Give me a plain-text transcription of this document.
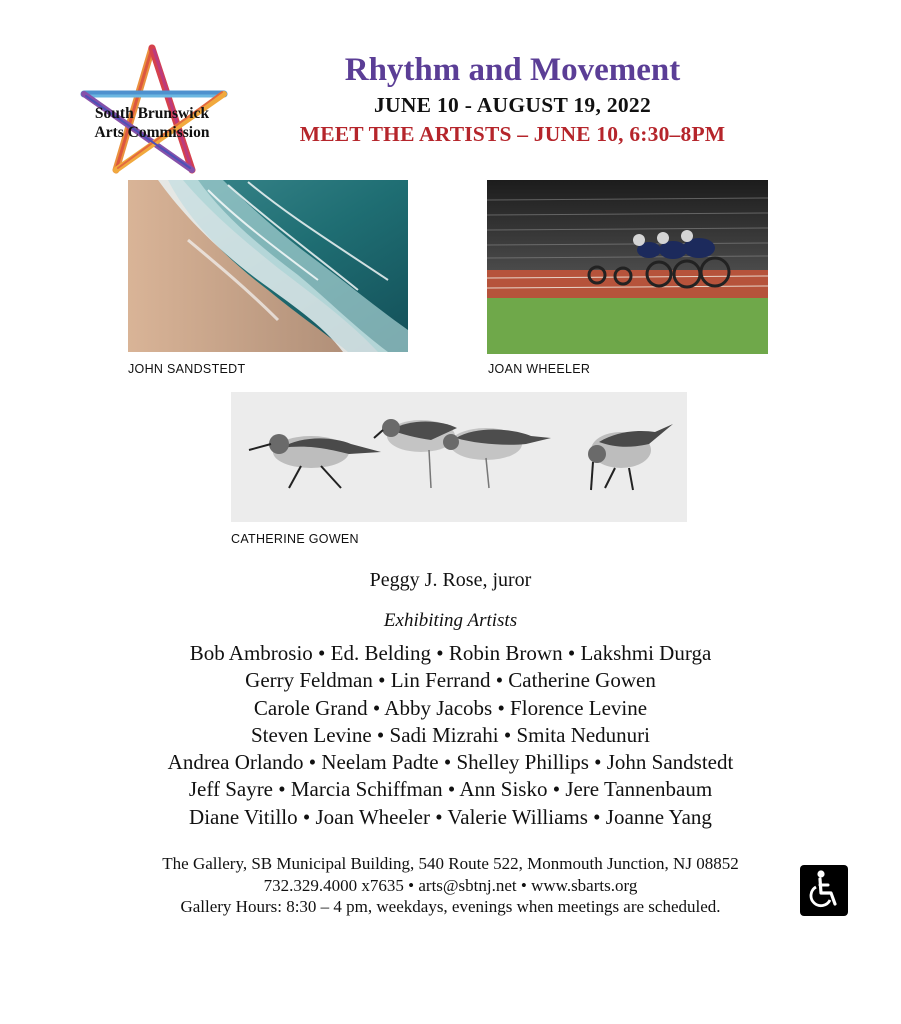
South Brunswick
Arts Commission
Rhythm and Movement
JUNE 10 - AUGUST 19, 2022
MEET THE ARTISTS – JUNE 10, 6:30–8PM
JOHN SANDSTEDT	JOAN WHEELER
CATHERINE GOWEN
Peggy J. Rose, juror
Exhibiting Artists
Bob Ambrosio • Ed. Belding • Robin Brown • Lakshmi Durga
Gerry Feldman • Lin Ferrand • Catherine Gowen
Carole Grand • Abby Jacobs • Florence Levine
Steven Levine • Sadi Mizrahi • Smita Nedunuri
Andrea Orlando • Neelam Padte • Shelley Phillips • John Sandstedt
Jeff Sayre • Marcia Schiffman • Ann Sisko • Jere Tannenbaum
Diane Vitillo • Joan Wheeler • Valerie Williams • Joanne Yang
The Gallery, SB Municipal Building, 540 Route 522, Monmouth Junction, NJ 08852
732.329.4000 x7635 • arts@sbtnj.net • www.sbarts.org
Gallery Hours: 8:30 – 4 pm, weekdays, evenings when meetings are scheduled.
